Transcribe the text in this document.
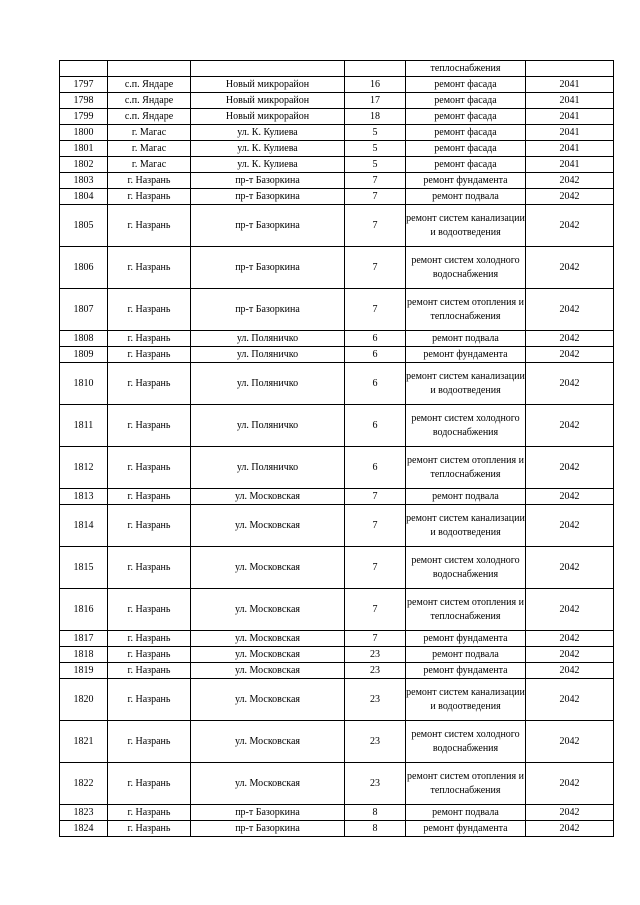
				теплоснабжения	
1797	с.п. Яндаре	Новый микрорайон	16	ремонт фасада	2041
1798	с.п. Яндаре	Новый микрорайон	17	ремонт фасада	2041
1799	с.п. Яндаре	Новый микрорайон	18	ремонт фасада	2041
1800	г. Магас	ул. К. Кулиева	5	ремонт фасада	2041
1801	г. Магас	ул. К. Кулиева	5	ремонт фасада	2041
1802	г. Магас	ул. К. Кулиева	5	ремонт фасада	2041
1803	г. Назрань	пр-т Базоркина	7	ремонт фундамента	2042
1804	г. Назрань	пр-т Базоркина	7	ремонт подвала	2042
1805	г. Назрань	пр-т Базоркина	7	ремонт систем канализации и водоотведения	2042
1806	г. Назрань	пр-т Базоркина	7	ремонт систем холодного водоснабжения	2042
1807	г. Назрань	пр-т Базоркина	7	ремонт систем отопления и теплоснабжения	2042
1808	г. Назрань	ул. Поляничко	6	ремонт подвала	2042
1809	г. Назрань	ул. Поляничко	6	ремонт фундамента	2042
1810	г. Назрань	ул. Поляничко	6	ремонт систем канализации и водоотведения	2042
1811	г. Назрань	ул. Поляничко	6	ремонт систем холодного водоснабжения	2042
1812	г. Назрань	ул. Поляничко	6	ремонт систем отопления и теплоснабжения	2042
1813	г. Назрань	ул. Московская	7	ремонт подвала	2042
1814	г. Назрань	ул. Московская	7	ремонт систем канализации и водоотведения	2042
1815	г. Назрань	ул. Московская	7	ремонт систем холодного водоснабжения	2042
1816	г. Назрань	ул. Московская	7	ремонт систем отопления и теплоснабжения	2042
1817	г. Назрань	ул. Московская	7	ремонт фундамента	2042
1818	г. Назрань	ул. Московская	23	ремонт подвала	2042
1819	г. Назрань	ул. Московская	23	ремонт фундамента	2042
1820	г. Назрань	ул. Московская	23	ремонт систем канализации и водоотведения	2042
1821	г. Назрань	ул. Московская	23	ремонт систем холодного водоснабжения	2042
1822	г. Назрань	ул. Московская	23	ремонт систем отопления и теплоснабжения	2042
1823	г. Назрань	пр-т Базоркина	8	ремонт подвала	2042
1824	г. Назрань	пр-т Базоркина	8	ремонт фундамента	2042
